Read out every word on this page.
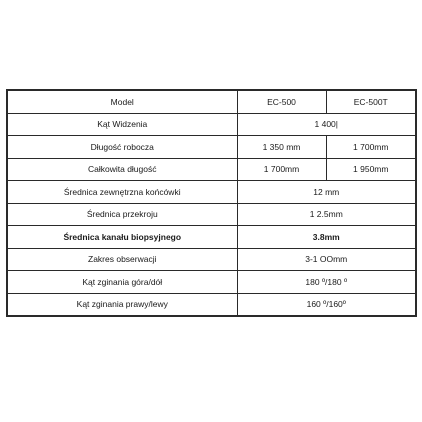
Model	EC-500	EC-500T
Kąt Widzenia	1 400|	
Długość robocza	1 350 mm	1 700mm
Całkowita długość	1 700mm	1 950mm
Średnica zewnętrzna końcówki	12 mm	
Średnica przekroju	1 2.5mm	
Średnica kanału biopsyjnego	3.8mm	
Zakres obserwacji	3-1 OOmm	
Kąt zginania góra/dół	180 º/180 º	
Kąt zginania prawy/lewy	160 º/160º	
